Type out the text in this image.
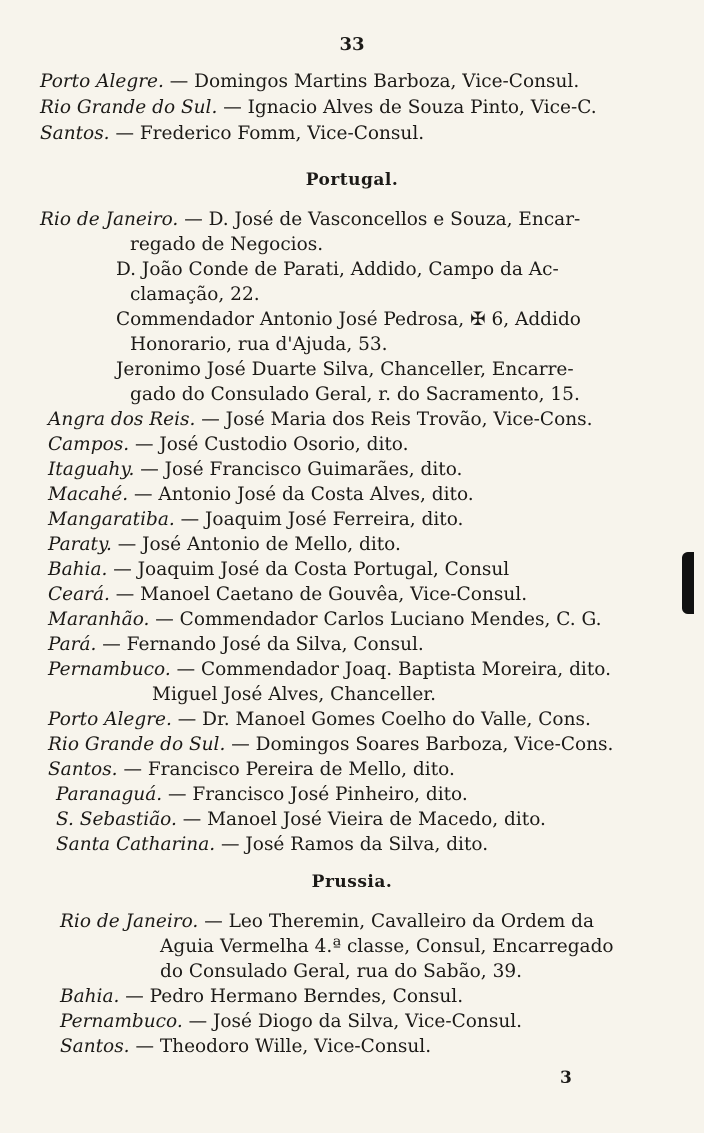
33
Porto Alegre. — Domingos Martins Barboza, Vice-Consul.
Rio Grande do Sul. — Ignacio Alves de Souza Pinto, Vice-C.
Santos. — Frederico Fomm, Vice-Consul.
Portugal.
Rio de Janeiro. — D. José de Vasconcellos e Souza, Encar-
regado de Negocios.
D. João Conde de Parati, Addido, Campo da Ac-
clamação, 22.
Commendador Antonio José Pedrosa, ✠ 6, Addido
Honorario, rua d'Ajuda, 53.
Jeronimo José Duarte Silva, Chanceller, Encarre-
gado do Consulado Geral, r. do Sacramento, 15.
Angra dos Reis. — José Maria dos Reis Trovão, Vice-Cons.
Campos. — José Custodio Osorio, dito.
Itaguahy. — José Francisco Guimarães, dito.
Macahé. — Antonio José da Costa Alves, dito.
Mangaratiba. — Joaquim José Ferreira, dito.
Paraty. — José Antonio de Mello, dito.
Bahia. — Joaquim José da Costa Portugal, Consul
Ceará. — Manoel Caetano de Gouvêa, Vice-Consul.
Maranhão. — Commendador Carlos Luciano Mendes, C. G.
Pará. — Fernando José da Silva, Consul.
Pernambuco. — Commendador Joaq. Baptista Moreira, dito.
Miguel José Alves, Chanceller.
Porto Alegre. — Dr. Manoel Gomes Coelho do Valle, Cons.
Rio Grande do Sul. — Domingos Soares Barboza, Vice-Cons.
Santos. — Francisco Pereira de Mello, dito.
Paranaguá. — Francisco José Pinheiro, dito.
S. Sebastião. — Manoel José Vieira de Macedo, dito.
Santa Catharina. — José Ramos da Silva, dito.
Prussia.
Rio de Janeiro. — Leo Theremin, Cavalleiro da Ordem da
Aguia Vermelha 4.ª classe, Consul, Encarregado
do Consulado Geral, rua do Sabão, 39.
Bahia. — Pedro Hermano Berndes, Consul.
Pernambuco. — José Diogo da Silva, Vice-Consul.
Santos. — Theodoro Wille, Vice-Consul.
3
